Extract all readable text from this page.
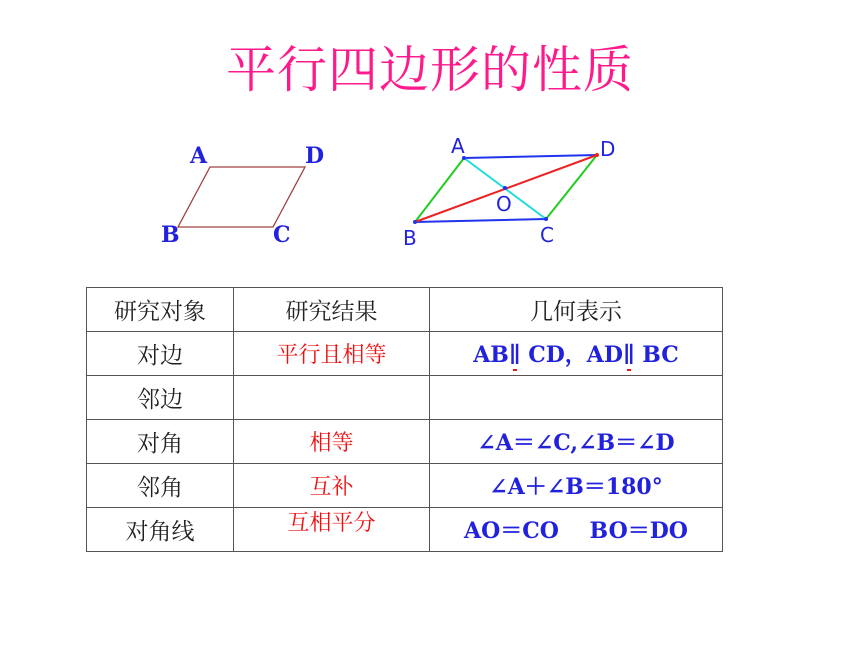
平行四边形的性质
A	D
B	C
A	D
B	C
O
研究对象	研究结果	几何表示
对边	平行且相等	AB∥ CD，AD∥ BC
邻边		
对角	相等	∠A＝∠C,∠B＝∠D
邻角	互补	∠A＋∠B＝180°
对角线	互相平分	AO＝CO    BO＝DO
